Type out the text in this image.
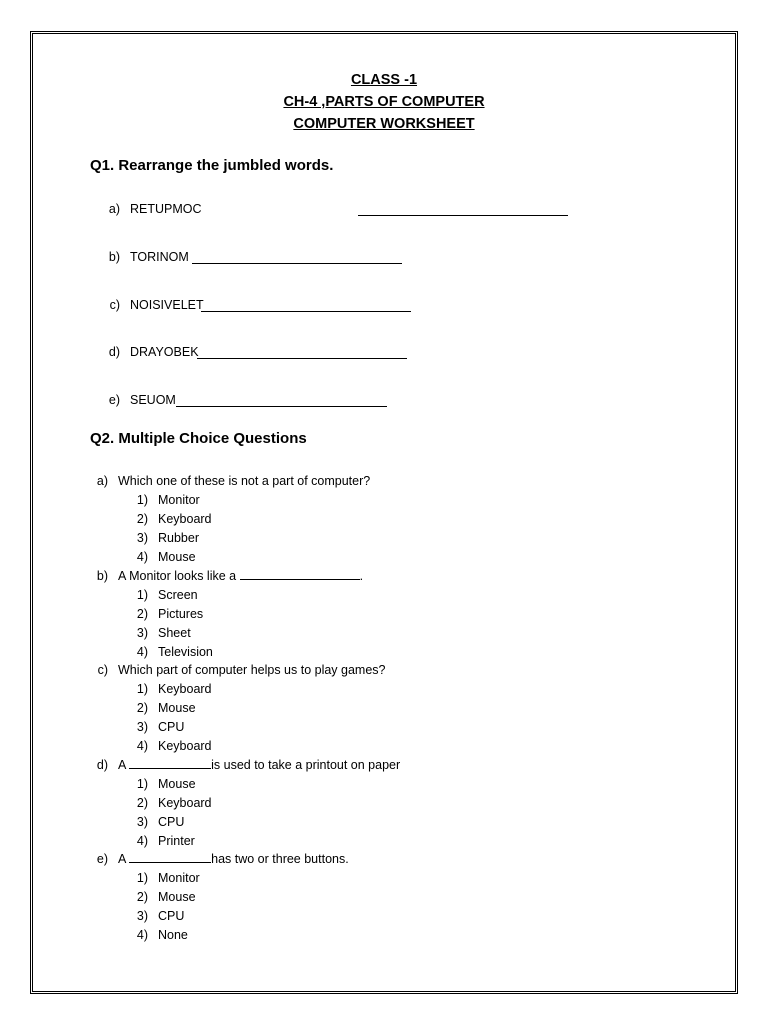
CLASS -1
CH-4 ,PARTS OF COMPUTER
COMPUTER WORKSHEET
Q1. Rearrange the jumbled words.
a) RETUPMOC
b) TORINOM
c) NOISIVELET
d) DRAYOBEK
e) SEUOM
Q2. Multiple Choice Questions
a) Which one of these is not a part of computer?
1) Monitor
2) Keyboard
3) Rubber
4) Mouse
b) A Monitor looks like a	.
1) Screen
2) Pictures
3) Sheet
4) Television
c) Which part of computer helps us to play games?
1) Keyboard
2) Mouse
3) CPU
4) Keyboard
d) A	is used to take a printout on paper
1) Mouse
2) Keyboard
3) CPU
4) Printer
e) A	has two or three buttons.
1) Monitor
2) Mouse
3) CPU
4) None
